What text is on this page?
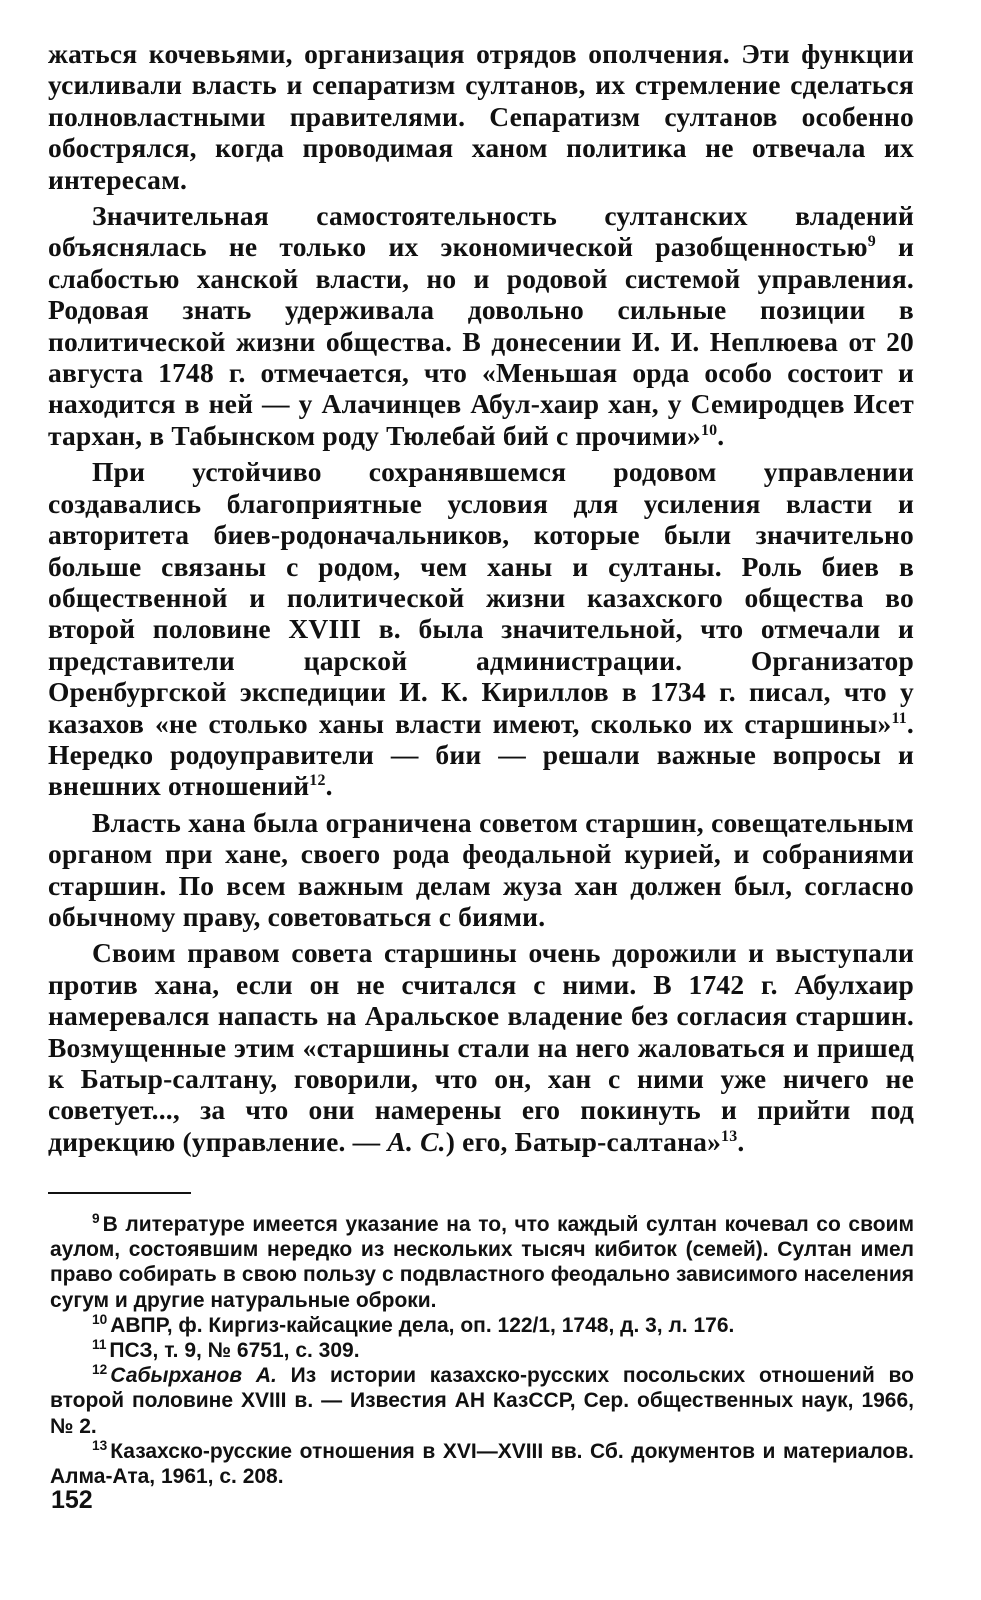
жаться кочевьями, организация отрядов ополчения. Эти функции усиливали власть и сепаратизм султанов, их стремление сделаться полновластными правителями. Сепаратизм султанов особенно обострялся, когда проводимая ханом политика не отвечала их интересам.

Значительная самостоятельность султанских владений объяснялась не только их экономической разобщенностью$^9$ и слабостью ханской власти, но и родовой системой управления. Родовая знать удерживала довольно сильные позиции в политической жизни общества. В донесении И. И. Неплюева от 20 августа 1748 г. отмечается, что «Меньшая орда особо состоит и находится в ней — у Алачинцев Абул-хаир хан, у Семиродцев Исет тархан, в Табынском роду Тюлебай бий с прочими»$^{10}$.

При устойчиво сохранявшемся родовом управлении создавались благоприятные условия для усиления власти и авторитета биев-родоначальников, которые были значительно больше связаны с родом, чем ханы и султаны. Роль биев в общественной и политической жизни казахского общества во второй половине XVIII в. была значительной, что отмечали и представители царской администрации. Организатор Оренбургской экспедиции И. К. Кириллов в 1734 г. писал, что у казахов «не столько ханы власти имеют, сколько их старшины»$^{11}$. Нередко родоуправители — бии — решали важные вопросы и внешних отношений$^{12}$.

Власть хана была ограничена советом старшин, совещательным органом при хане, своего рода феодальной курией, и собраниями старшин. По всем важным делам жуза хан должен был, согласно обычному праву, советоваться с биями.

Своим правом совета старшины очень дорожили и выступали против хана, если он не считался с ними. В 1742 г. Абулхаир намеревался напасть на Аральское владение без согласия старшин. Возмущенные этим «старшины стали на него жаловаться и пришед к Батыр-салтану, говорили, что он, хан с ними уже ничего не советует..., за что они намерены его покинуть и прийти под дирекцию (управление. — А. С.) его, Батыр-салтана»$^{13}$.

$^9$ В литературе имеется указание на то, что каждый султан кочевал со своим аулом, состоявшим нередко из нескольких тысяч кибиток (семей). Султан имел право собирать в свою пользу с подвластного феодально зависимого населения сугум и другие натуральные оброки.

$^{10}$ АВПР, ф. Киргиз-кайсацкие дела, оп. 122/1, 1748, д. 3, л. 176.

$^{11}$ ПСЗ, т. 9, № 6751, с. 309.

$^{12}$ Сабырханов А. Из истории казахско-русских посольских отношений во второй половине XVIII в. — Известия АН КазССР, Сер. общественных наук, 1966, № 2.

$^{13}$ Казахско-русские отношения в XVI—XVIII вв. Сб. документов и материалов. Алма-Ата, 1961, с. 208.

152
